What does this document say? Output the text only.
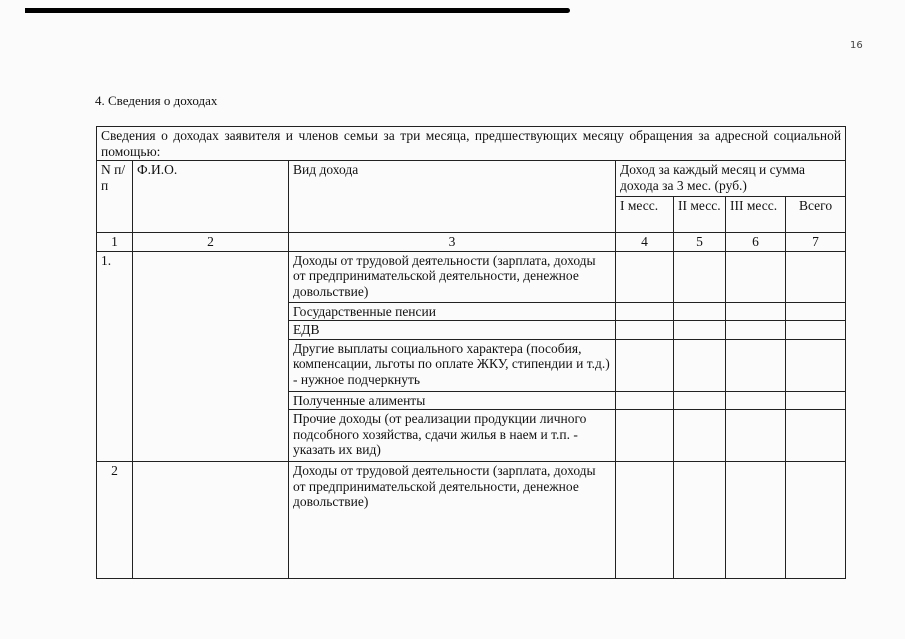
16
4. Сведения о доходах
Сведения о доходах заявителя и членов семьи за три месяца, предшествующих месяцу обращения за адресной социальной помощью:						
N п/п	Ф.И.О.	Вид дохода	Доход за каждый месяц и сумма дохода за 3 мес. (руб.)			
			I месс.	II месс.	III месс.	Всего
1	2	3	4	5	6	7
1.		Доходы от трудовой деятельности (зарплата, доходы от предпринимательской деятельности, денежное довольствие)				
		Государственные пенсии				
		ЕДВ				
		Другие выплаты социального характера (пособия, компенсации, льготы по оплате ЖКУ, стипендии и т.д.) - нужное подчеркнуть				
		Полученные алименты				
		Прочие доходы (от реализации продукции личного подсобного хозяйства, сдачи жилья в наем и т.п. - указать их вид)				
2		Доходы от трудовой деятельности (зарплата, доходы от предпринимательской деятельности, денежное довольствие)				
